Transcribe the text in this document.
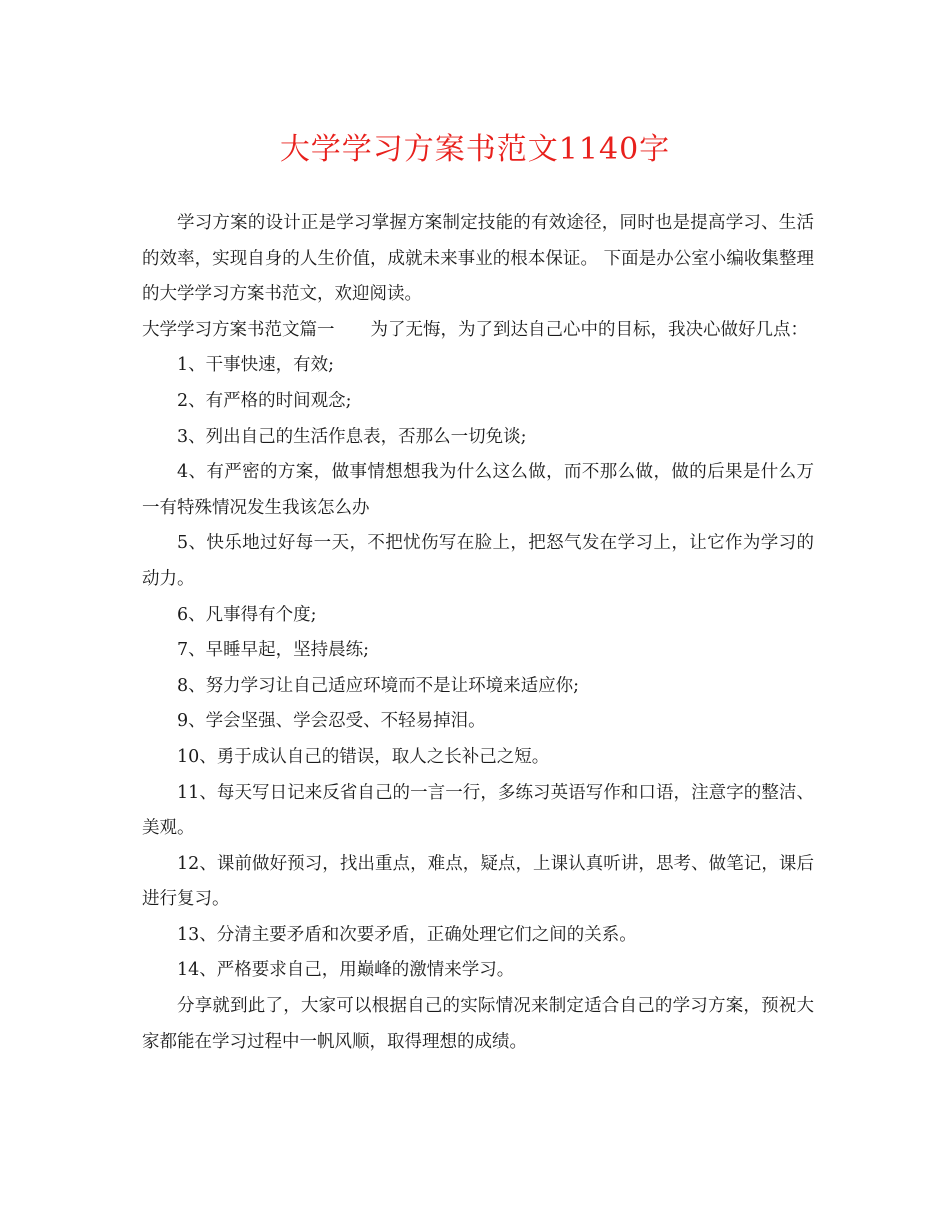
大学学习方案书范文1140字

学习方案的设计正是学习掌握方案制定技能的有效途径，同时也是提高学习、生活的效率，实现自身的人生价值，成就未来事业的根本保证。 下面是办公室小编收集整理的大学学习方案书范文，欢迎阅读。

大学学习方案书范文篇一 为了无悔，为了到达自己心中的目标，我决心做好几点：

1、干事快速，有效;

2、有严格的时间观念;

3、列出自己的生活作息表，否那么一切免谈;

4、有严密的方案，做事情想想我为什么这么做，而不那么做，做的后果是什么万一有特殊情况发生我该怎么办

5、快乐地过好每一天，不把忧伤写在脸上，把怒气发在学习上，让它作为学习的动力。

6、凡事得有个度;

7、早睡早起，坚持晨练;

8、努力学习让自己适应环境而不是让环境来适应你;

9、学会坚强、学会忍受、不轻易掉泪。

10、勇于成认自己的错误，取人之长补己之短。

11、每天写日记来反省自己的一言一行，多练习英语写作和口语，注意字的整洁、美观。

12、课前做好预习，找出重点，难点，疑点，上课认真听讲，思考、做笔记，课后进行复习。

13、分清主要矛盾和次要矛盾，正确处理它们之间的关系。

14、严格要求自己，用巅峰的激情来学习。

分享就到此了，大家可以根据自己的实际情况来制定适合自己的学习方案，预祝大家都能在学习过程中一帆风顺，取得理想的成绩。
